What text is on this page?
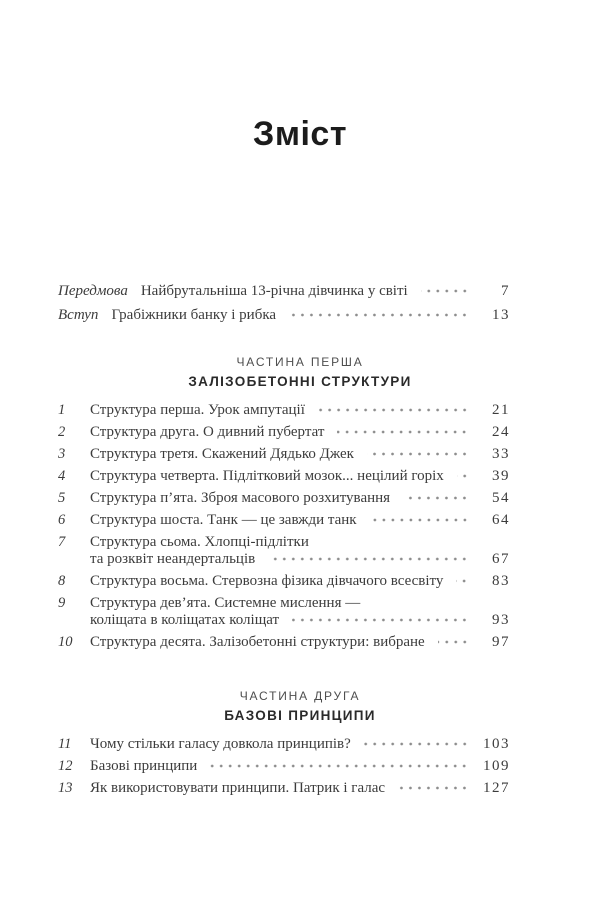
Зміст
Передмова Найбрутальніша 13-річна дівчинка у світі	7
Вступ Грабіжники банку і рибка	13
ЧАСТИНА ПЕРША
ЗАЛІЗОБЕТОННІ СТРУКТУРИ
1	Структура перша. Урок ампутації	21
2	Структура друга. О дивний пубертат	24
3	Структура третя. Скажений Дядько Джек	33
4	Структура четверта. Підлітковий мозок... нецілий горіх	39
5	Структура п’ята. Зброя масового розхитування	54
6	Структура шоста. Танк — це завжди танк	64
7	Структура сьома. Хлопці-підлітки
та розквіт неандертальців	67
8	Структура восьма. Стервозна фізика дівчачого всесвіту	83
9	Структура дев’ята. Системне мислення —
коліщата в коліщатах коліщат	93
10	Структура десята. Залізобетонні структури: вибране	97
ЧАСТИНА ДРУГА
БАЗОВІ ПРИНЦИПИ
11	Чому стільки галасу довкола принципів?	103
12	Базові принципи	109
13	Як використовувати принципи. Патрик і галас	127
